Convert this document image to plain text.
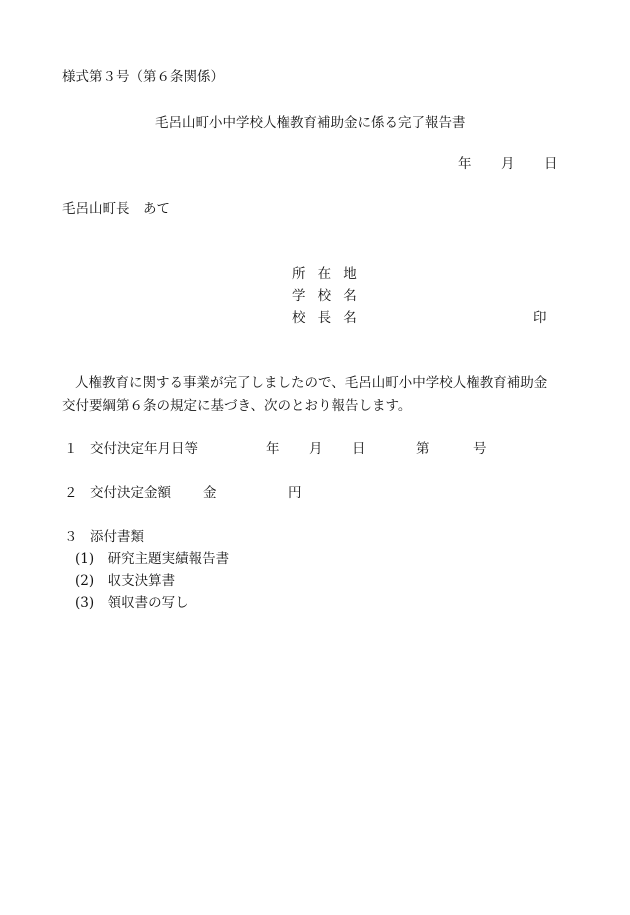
様式第３号（第６条関係）
毛呂山町小中学校人権教育補助金に係る完了報告書
年 月 日
毛呂山町長　あて
所在地
学校名
校長名	印
人権教育に関する事業が完了しましたので、毛呂山町小中学校人権教育補助金
交付要綱第６条の規定に基づき、次のとおり報告します。
１ 交付決定年月日等	年 月 日	第	号
２ 交付決定金額 金	円
３ 添付書類
(1)　研究主題実績報告書
(2)　収支決算書
(3)　領収書の写し
